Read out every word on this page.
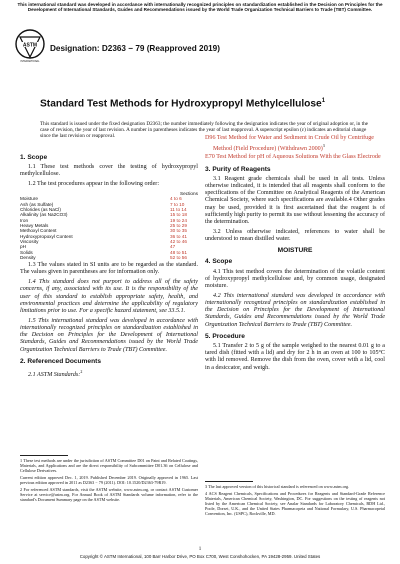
This international standard was developed in accordance with internationally recognized principles on standardization established in the Decision on Principles for the Development of International Standards, Guides and Recommendations issued by the World Trade Organization Technical Barriers to Trade (TBT) Committee.
ASTM
INTERNATIONAL
Designation: D2363 − 79 (Reapproved 2019)
Standard Test Methods for Hydroxypropyl Methylcellulose$^1$
This standard is issued under the fixed designation D2363; the number immediately following the designation indicates the year of original adoption or, in the case of revision, the year of last revision. A number in parentheses indicates the year of last reapproval. A superscript epsilon (ε) indicates an editorial change since the last revision or reapproval.
1. Scope

1.1 These test methods cover the testing of hydroxypropyl methylcellulose.

1.2 The test procedures appear in the following order:

	Sections
Moisture	4 to 6
Ash (as Sulfate)	7 to 10
Chlorides (as NaCl)	11 to 14
Alkalinity (as Na2CO3)	15 to 18
Iron	19 to 24
Heavy Metals	25 to 29
Methoxyl Content	30 to 35
Hydroxypropoxyl Content	36 to 41
Viscosity	42 to 46
pH	47
Solids	48 to 51
Density	52 to 56

1.3 The values stated in SI units are to be regarded as the standard. The values given in parentheses are for information only.

1.4 This standard does not purport to address all of the safety concerns, if any, associated with its use. It is the responsibility of the user of this standard to establish appropriate safety, health, and environmental practices and determine the applicability of regulatory limitations prior to use. For a specific hazard statement, see 33.5.1.

1.5 This international standard was developed in accordance with internationally recognized principles on standardization established in the Decision on Principles for the Development of International Standards, Guides and Recommendations issued by the World Trade Organization Technical Barriers to Trade (TBT) Committee.

2. Referenced Documents

2.1 ASTM Standards:$^2$

1 These test methods are under the jurisdiction of ASTM Committee D01 on Paint and Related Coatings, Materials, and Applications and are the direct responsibility of Subcommittee D01.36 on Cellulose and Cellulose Derivatives.

Current edition approved Dec. 1, 2019. Published December 2019. Originally approved in 1965. Last previous edition approved in 2011 as D2363 − 79 (2011). DOI: 10.1520/D2363-79R19.

2 For referenced ASTM standards, visit the ASTM website, www.astm.org, or contact ASTM Customer Service at service@astm.org. For Annual Book of ASTM Standards volume information, refer to the standard's Document Summary page on the ASTM website.

D96 Test Method for Water and Sediment in Crude Oil by Centrifuge Method (Field Procedure) (Withdrawn 2000)$^3$

E70 Test Method for pH of Aqueous Solutions With the Glass Electrode

3. Purity of Reagents

3.1 Reagent grade chemicals shall be used in all tests. Unless otherwise indicated, it is intended that all reagents shall conform to the specifications of the Committee on Analytical Reagents of the American Chemical Society, where such specifications are available.4 Other grades may be used, provided it is first ascertained that the reagent is of sufficiently high purity to permit its use without lessening the accuracy of the determination.

3.2 Unless otherwise indicated, references to water shall be understood to mean distilled water.

MOISTURE
4. Scope

4.1 This test method covers the determination of the volatile content of hydroxypropyl methylcellulose and, by common usage, designated moisture.

4.2 This international standard was developed in accordance with internationally recognized principles on standardization established in the Decision on Principles for the Development of International Standards, Guides and Recommendations issued by the World Trade Organization Technical Barriers to Trade (TBT) Committee.

5. Procedure

5.1 Transfer 2 to 5 g of the sample weighed to the nearest 0.01 g to a tared dish (fitted with a lid) and dry for 2 h in an oven at 100 to 105°C with lid removed. Remove the dish from the oven, cover with a lid, cool in a desiccator, and weigh.

3 The last approved version of this historical standard is referenced on www.astm.org.

4 ACS Reagent Chemicals, Specifications and Procedures for Reagents and Standard-Grade Reference Materials, American Chemical Society, Washington, DC. For suggestions on the testing of reagents not listed by the American Chemical Society, see Analar Standards for Laboratory Chemicals, BDH Ltd., Poole, Dorset, U.K., and the United States Pharmacopeia and National Formulary, U.S. Pharmacopeial Convention, Inc. (USPC), Rockville, MD.

1
Copyright © ASTM International, 100 Barr Harbor Drive, PO Box C700, West Conshohocken, PA 19428-2959. United States
